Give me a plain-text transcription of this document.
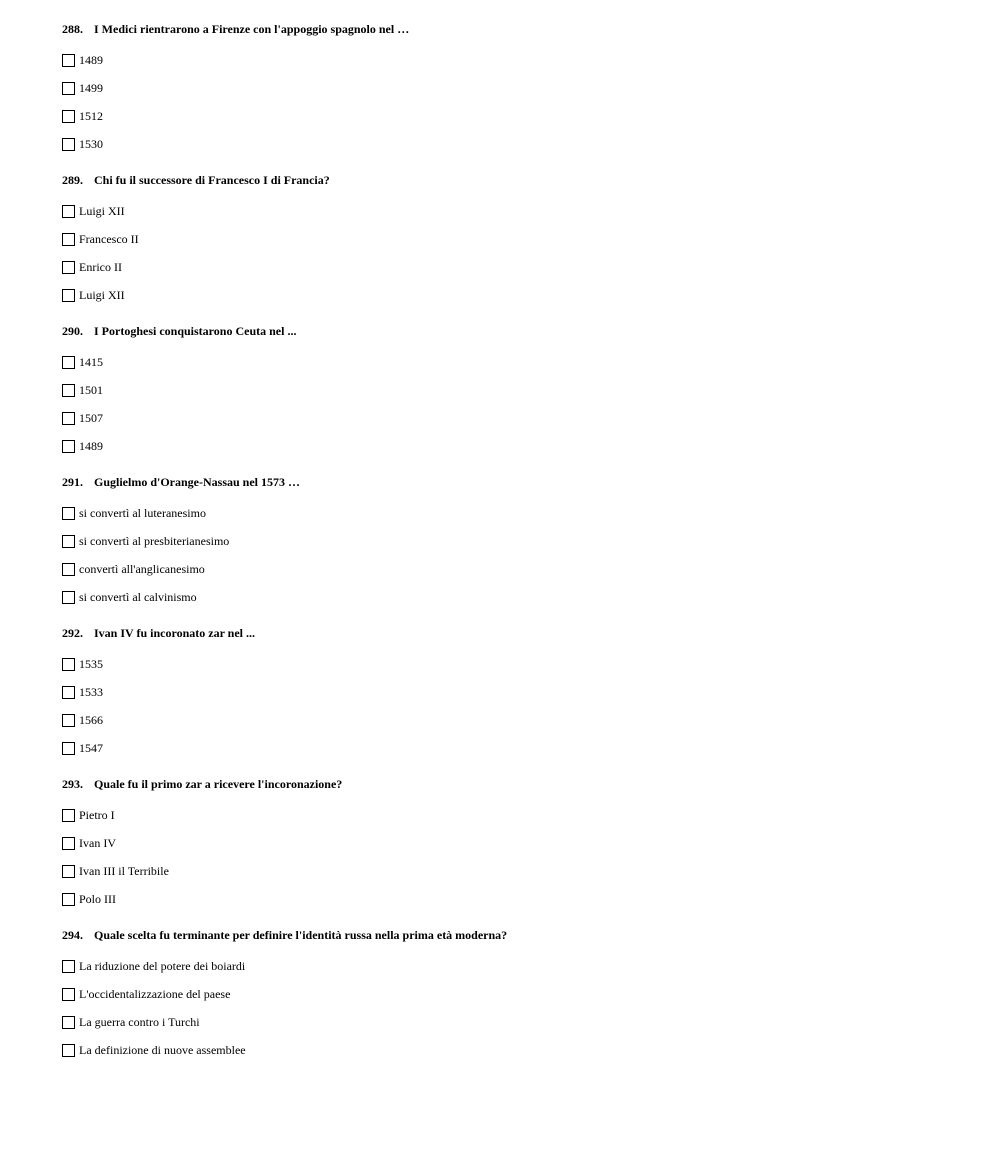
288. I Medici rientrarono a Firenze con l'appoggio spagnolo nel …
1489
1499
1512
1530
289. Chi fu il successore di Francesco I di Francia?
Luigi XII
Francesco II
Enrico II
Luigi XII
290. I Portoghesi conquistarono Ceuta nel ...
1415
1501
1507
1489
291. Guglielmo d'Orange-Nassau nel 1573 …
si convertì al luteranesimo
si convertì al presbiterianesimo
convertì all'anglicanesimo
si convertì al calvinismo
292. Ivan IV fu incoronato zar nel ...
1535
1533
1566
1547
293. Quale fu il primo zar a ricevere l'incoronazione?
Pietro I
Ivan IV
Ivan III il Terribile
Polo III
294. Quale scelta fu terminante per definire l'identità russa nella prima età moderna?
La riduzione del potere dei boiardi
L'occidentalizzazione del paese
La guerra contro i Turchi
La definizione di nuove assemblee
